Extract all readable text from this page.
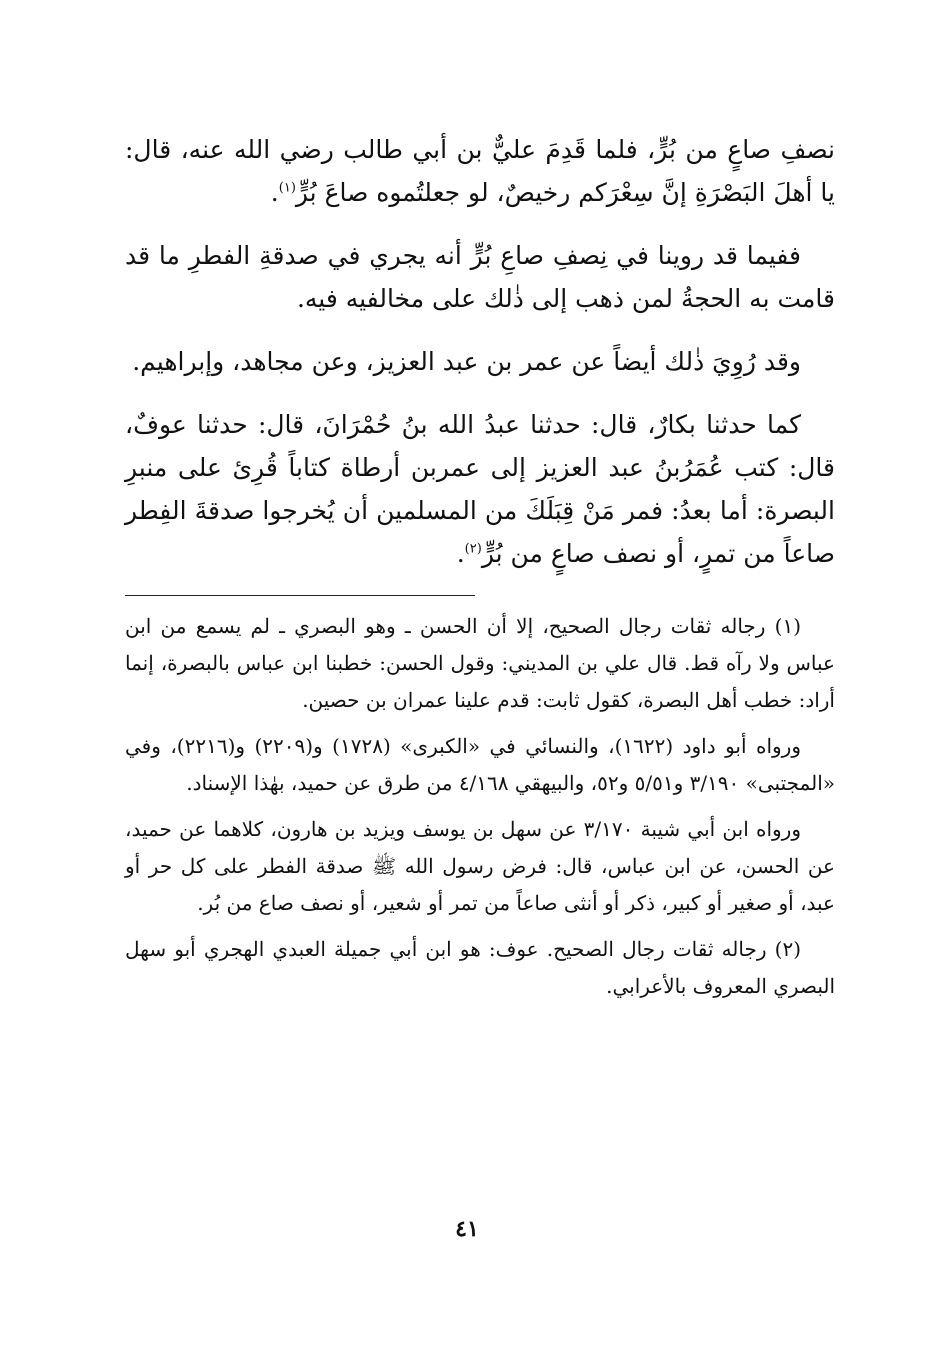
نصفِ صاعٍ من بُرٍّ، فلما قَدِمَ عليٌّ بن أبي طالب رضي الله عنه، قال: يا أهلَ البَصْرَةِ إنَّ سِعْرَكم رخيصٌ، لو جعلتُموه صاعَ بُرٍّ$^{(١)}$.

ففيما قد روينا في نِصفِ صاعِ بُرٍّ أنه يجري في صدقةِ الفطرِ ما قد قامت به الحجةُ لمن ذهب إلى ذٰلك على مخالفيه فيه.

وقد رُوِيَ ذٰلك أيضاً عن عمر بن عبد العزيز، وعن مجاهد، وإبراهيم.

كما حدثنا بكارٌ، قال: حدثنا عبدُ الله بنُ حُمْرَانَ، قال: حدثنا عوفٌ، قال: كتب عُمَرُبنُ عبد العزيز إلى عمربن أرطاة كتاباً قُرِئ على منبرِ البصرة: أما بعدُ: فمر مَنْ قِبَلَكَ من المسلمين أن يُخرجوا صدقةَ الفِطر صاعاً من تمرٍ، أو نصف صاعٍ من بُرٍّ$^{(٢)}$.

(١) رجاله ثقات رجال الصحيح، إلا أن الحسن ـ وهو البصري ـ لم يسمع من ابن عباس ولا رآه قط. قال علي بن المديني: وقول الحسن: خطبنا ابن عباس بالبصرة، إنما أراد: خطب أهل البصرة، كقول ثابت: قدم علينا عمران بن حصين.

ورواه أبو داود (١٦٢٢)، والنسائي في «الكبرى» (١٧٢٨) و(٢٢٠٩) و(٢٢١٦)، وفي «المجتبى» ٣/١٩٠ و٥/٥١ و٥٢، والبيهقي ٤/١٦٨ من طرق عن حميد، بهٰذا الإسناد.

ورواه ابن أبي شيبة ٣/١٧٠ عن سهل بن يوسف ويزيد بن هارون، كلاهما عن حميد، عن الحسن، عن ابن عباس، قال: فرض رسول الله ﷺ صدقة الفطر على كل حر أو عبد، أو صغير أو كبير، ذكر أو أنثى صاعاً من تمر أو شعير، أو نصف صاع من بُر.

(٢) رجاله ثقات رجال الصحيح. عوف: هو ابن أبي جميلة العبدي الهجري أبو سهل البصري المعروف بالأعرابي.

٤١
